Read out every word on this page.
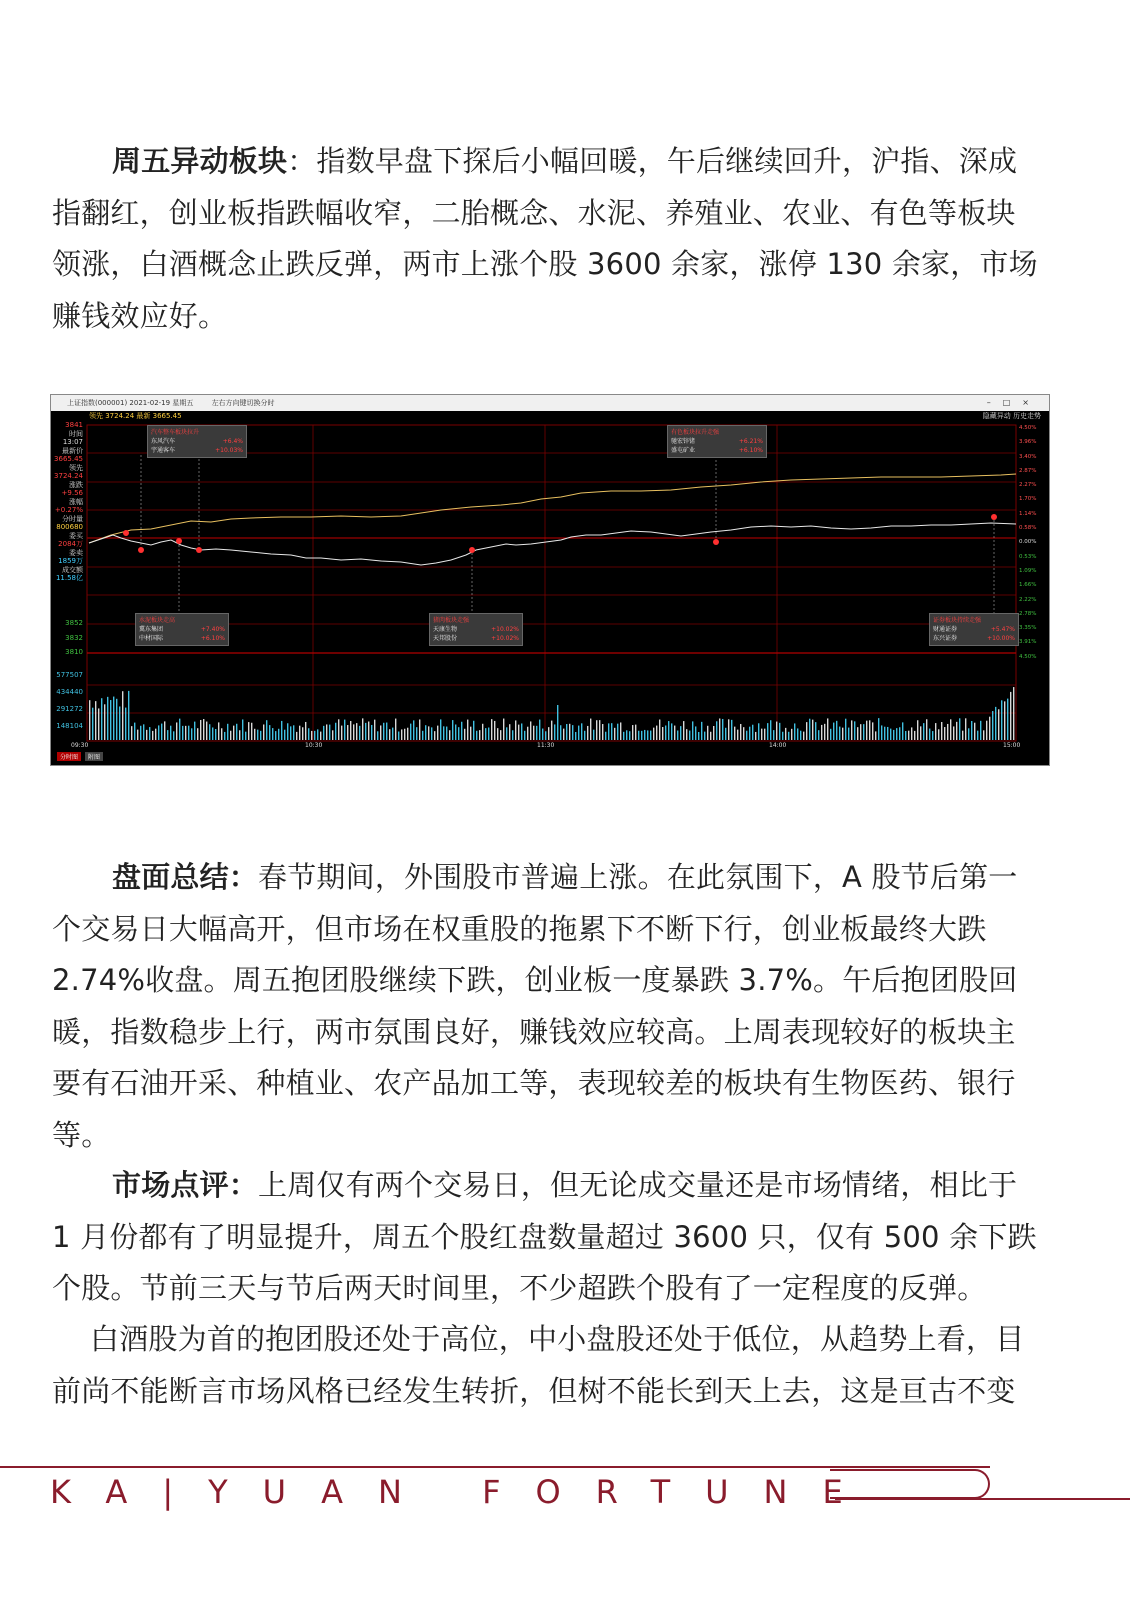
周五异动板块：指数早盘下探后小幅回暖，午后继续回升，沪指、深成指翻红，创业板指跌幅收窄，二胎概念、水泥、养殖业、农业、有色等板块领涨，白酒概念止跌反弹，两市上涨个股 3600 余家，涨停 130 余家，市场赚钱效应好。

上证指数(000001) 2021-02-19 星期五	左右方向键切换分时	–□×
领先 3724.24 最新 3665.45	隐藏异动 历史走势
3841
时间
13:07
最新价
3665.45
领先
3724.24
涨跌
+9.56
涨幅
+0.27%
分时量
800680
委买
2084万
委卖
1859万
成交额
11.58亿
3852
3832
3810
577507
434440
291272
148104
4.50%
3.96%
3.40%
2.87%
2.27%
1.70%
1.14%
0.58%
0.00%
0.53%
1.09%
1.66%
2.22%
2.78%
3.35%
3.91%
4.50%
09:30	10:30	11:30	14:00	15:00
分时图	附图
汽车整车板块拉升
东风汽车	+6.4%
宇通客车	+10.03%
有色板块拉升走强
驰宏锌锗	+6.21%
盛屯矿业	+6.10%
水泥板块走高
冀东集团	+7.40%
中材国际	+6.10%
猪肉板块走强
天康生物	+10.02%
天邦股份	+10.02%
证券板块持续走强
财通证券	+5.47%
东兴证券	+10.00%

盘面总结：春节期间，外围股市普遍上涨。在此氛围下，A 股节后第一个交易日大幅高开，但市场在权重股的拖累下不断下行，创业板最终大跌 2.74%收盘。周五抱团股继续下跌，创业板一度暴跌 3.7%。午后抱团股回暖，指数稳步上行，两市氛围良好，赚钱效应较高。上周表现较好的板块主要有石油开采、种植业、农产品加工等，表现较差的板块有生物医药、银行等。

市场点评：上周仅有两个交易日，但无论成交量还是市场情绪，相比于 1 月份都有了明显提升，周五个股红盘数量超过 3600 只，仅有 500 余下跌个股。节前三天与节后两天时间里，不少超跌个股有了一定程度的反弹。

白酒股为首的抱团股还处于高位，中小盘股还处于低位，从趋势上看，目前尚不能断言市场风格已经发生转折，但树不能长到天上去，这是亘古不变

KA|YUAN FORTUNE
